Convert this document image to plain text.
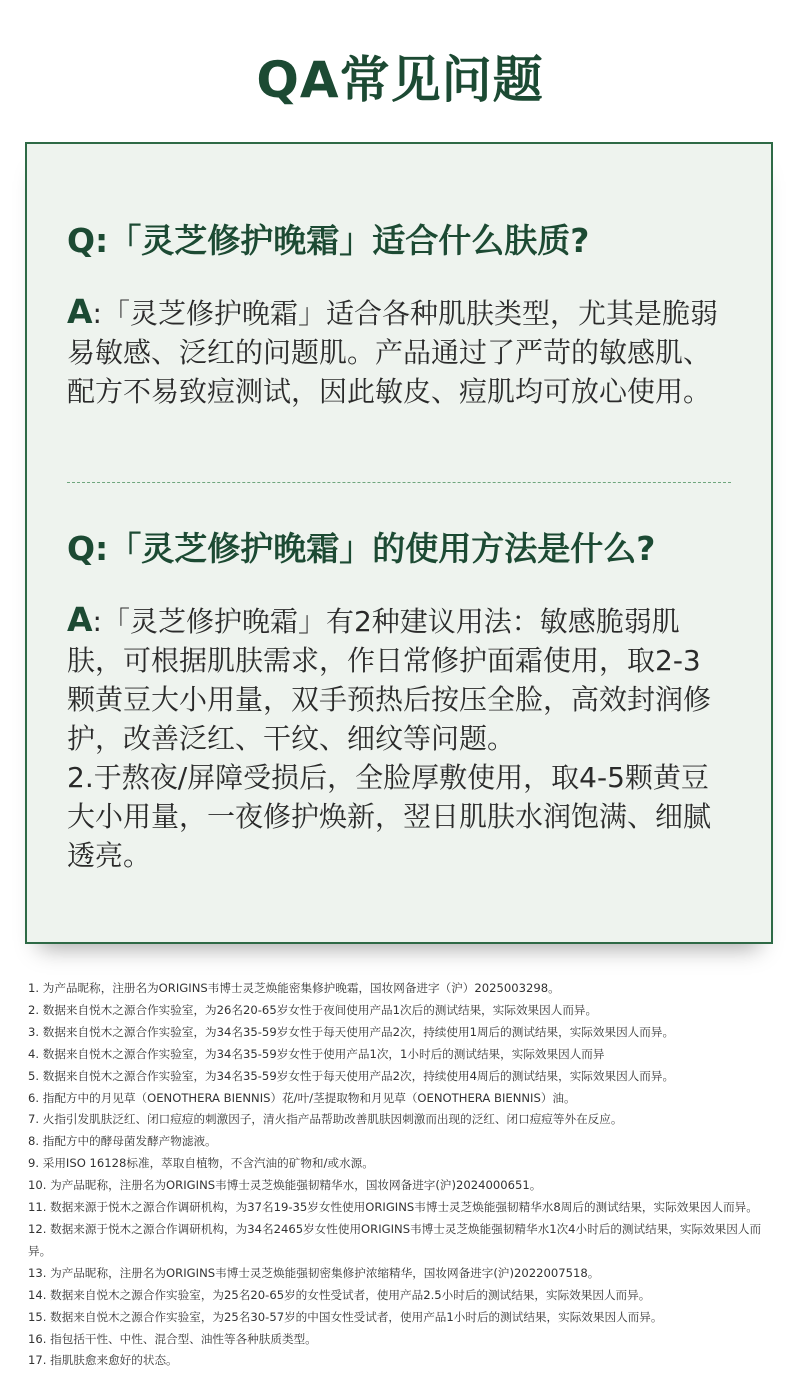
QA常见问题
Q:「灵芝修护晚霜」适合什么肤质?

A:「灵芝修护晚霜」适合各种肌肤类型，尤其是脆弱易敏感、泛红的问题肌。产品通过了严苛的敏感肌、配方不易致痘测试，因此敏皮、痘肌均可放心使用。

Q:「灵芝修护晚霜」的使用方法是什么?

A:「灵芝修护晚霜」有2种建议用法：敏感脆弱肌肤，可根据肌肤需求，作日常修护面霜使用，取2-3颗黄豆大小用量，双手预热后按压全脸，高效封润修护，改善泛红、干纹、细纹等问题。

2.于熬夜/屏障受损后，全脸厚敷使用，取4-5颗黄豆大小用量，一夜修护焕新，翌日肌肤水润饱满、细腻透亮。

1. 为产品昵称，注册名为ORIGINS韦博士灵芝焕能密集修护晚霜，国妆网备进字（沪）2025003298。
2. 数据来自悦木之源合作实验室，为26名20-65岁女性于夜间使用产品1次后的测试结果，实际效果因人而异。
3. 数据来自悦木之源合作实验室，为34名35-59岁女性于每天使用产品2次，持续使用1周后的测试结果，实际效果因人而异。
4. 数据来自悦木之源合作实验室，为34名35-59岁女性于使用产品1次，1小时后的测试结果，实际效果因人而异
5. 数据来自悦木之源合作实验室，为34名35-59岁女性于每天使用产品2次，持续使用4周后的测试结果，实际效果因人而异。
6. 指配方中的月见草（OENOTHERA BIENNIS）花/叶/茎提取物和月见草（OENOTHERA BIENNIS）油。
7. 火指引发肌肤泛红、闭口痘痘的刺激因子，清火指产品帮助改善肌肤因刺激而出现的泛红、闭口痘痘等外在反应。
8. 指配方中的酵母菌发酵产物滤液。
9. 采用ISO 16128标准，萃取自植物，不含汽油的矿物和/或水源。
10. 为产品昵称，注册名为ORIGINS韦博士灵芝焕能强韧精华水，国妆网备进字(沪)2024000651。
11. 数据来源于悦木之源合作调研机构，为37名19-35岁女性使用ORIGINS韦博士灵芝焕能强韧精华水8周后的测试结果，实际效果因人而异。
12. 数据来源于悦木之源合作调研机构，为34名2465岁女性使用ORIGINS韦博士灵芝焕能强韧精华水1次4小时后的测试结果，实际效果因人而异。
13. 为产品昵称，注册名为ORIGINS韦博士灵芝焕能强韧密集修护浓缩精华，国妆网备进字(沪)2022007518。
14. 数据来自悦木之源合作实验室，为25名20-65岁的女性受试者，使用产品2.5小时后的测试结果，实际效果因人而异。
15. 数据来自悦木之源合作实验室，为25名30-57岁的中国女性受试者，使用产品1小时后的测试结果，实际效果因人而异。
16. 指包括干性、中性、混合型、油性等各种肤质类型。
17. 指肌肤愈来愈好的状态。
